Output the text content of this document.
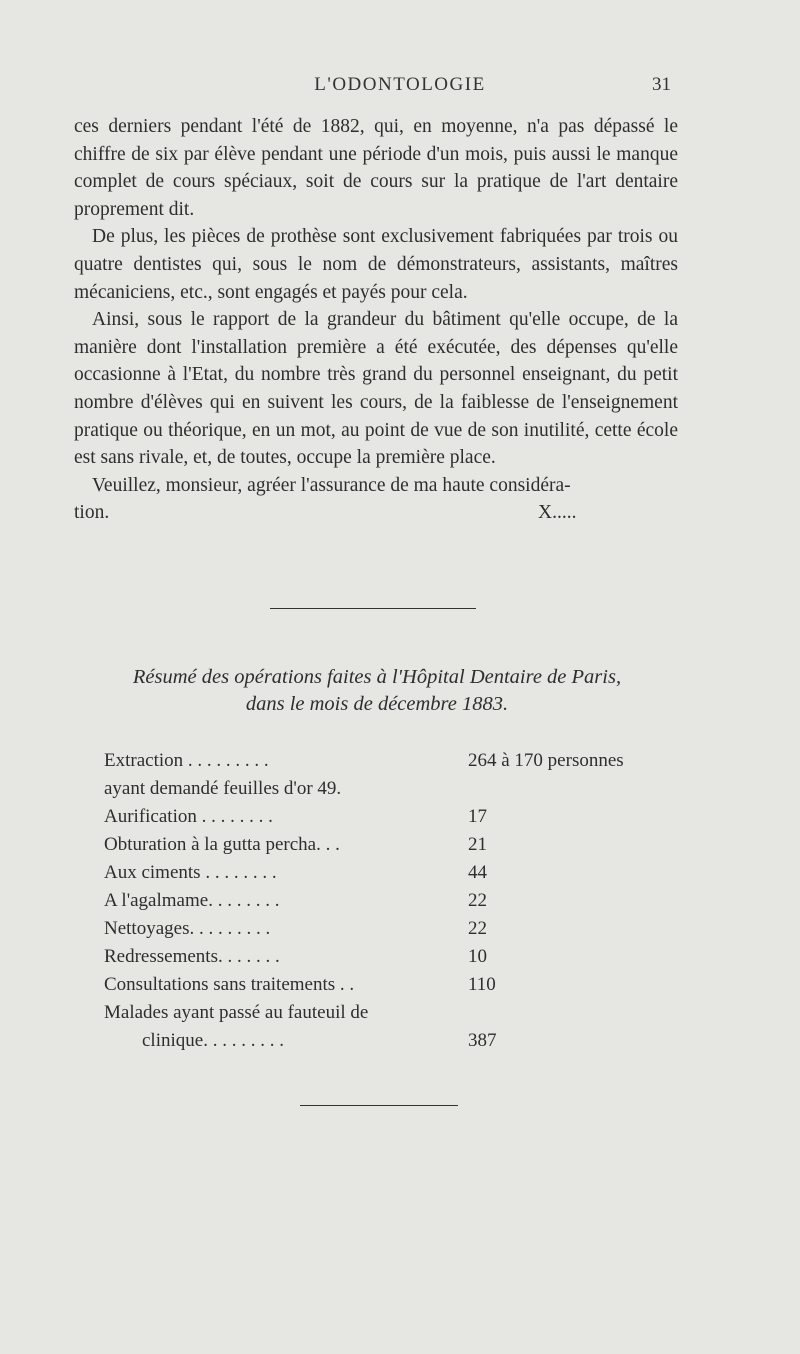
L'ODONTOLOGIE	31

ces derniers pendant l'été de 1882, qui, en moyenne, n'a pas dépassé le chiffre de six par élève pendant une période d'un mois, puis aussi le manque complet de cours spéciaux, soit de cours sur la pratique de l'art dentaire proprement dit.

De plus, les pièces de prothèse sont exclusivement fabriquées par trois ou quatre dentistes qui, sous le nom de démonstrateurs, assistants, maîtres mécaniciens, etc., sont engagés et payés pour cela.

Ainsi, sous le rapport de la grandeur du bâtiment qu'elle occupe, de la manière dont l'installation première a été exécutée, des dépenses qu'elle occasionne à l'Etat, du nombre très grand du personnel enseignant, du petit nombre d'élèves qui en suivent les cours, de la faiblesse de l'enseignement pratique ou théorique, en un mot, au point de vue de son inutilité, cette école est sans rivale, et, de toutes, occupe la première place.

Veuillez, monsieur, agréer l'assurance de ma haute considéra-

tion.	X.....
Résumé des opérations faites à l'Hôpital Dentaire de Paris,
dans le mois de décembre 1883.
Extraction . . . . . . . . .	264 à 170 personnes
ayant demandé feuilles d'or 49.
Aurification . . . . . . . .	17
Obturation à la gutta percha. . .	21
Aux ciments . . . . . . . .	44
A l'agalmame. . . . . . . .	22
Nettoyages. . . . . . . . .	22
Redressements. . . . . . .	10
Consultations sans traitements . .	110
Malades ayant passé au fauteuil de
clinique. . . . . . . . .	387
